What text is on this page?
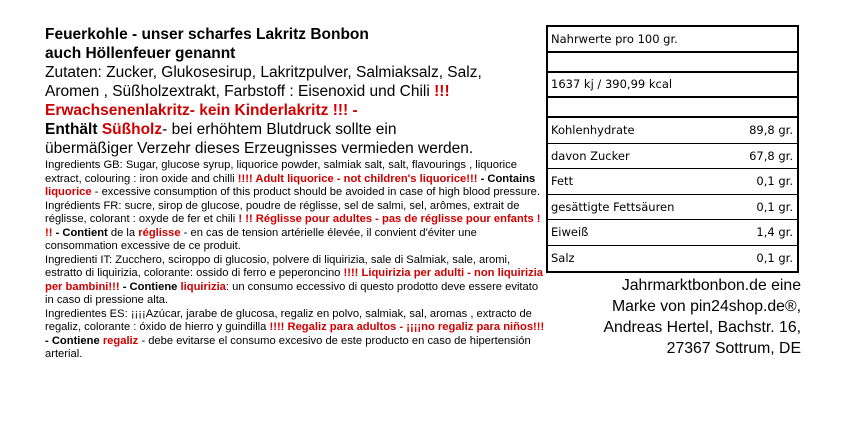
Feuerkohle - unser scharfes Lakritz Bonbon
auch Höllenfeuer genannt
Zutaten: Zucker, Glukosesirup, Lakritzpulver, Salmiaksalz, Salz,
Aromen , Süßholzextrakt, Farbstoff : Eisenoxid und Chili !!!
Erwachsenenlakritz- kein Kinderlakritz !!! -
Enthält Süßholz- bei erhöhtem Blutdruck sollte ein
übermäßiger Verzehr dieses Erzeugnisses vermieden werden.

Ingredients GB: Sugar, glucose syrup, liquorice powder, salmiak salt, salt, flavourings , liquorice extract, colouring : iron oxide and chilli !!!! Adult liquorice - not children's liquorice!!! - Contains liquorice - excessive consumption of this product should be avoided in case of high blood pressure.

Ingrédients FR: sucre, sirop de glucose, poudre de réglisse, sel de salmi, sel, arômes, extrait de réglisse, colorant : oxyde de fer et chili ! !! Réglisse pour adultes - pas de réglisse pour enfants ! !! - Contient de la réglisse - en cas de tension artérielle élevée, il convient d'éviter une consommation excessive de ce produit.

Ingredienti IT: Zucchero, sciroppo di glucosio, polvere di liquirizia, sale di Salmiak, sale, aromi, estratto di liquirizia, colorante: ossido di ferro e peperoncino !!!! Liquirizia per adulti - non liquirizia per bambini!!! - Contiene liquirizia: un consumo eccessivo di questo prodotto deve essere evitato in caso di pressione alta.

Ingredientes ES: ¡¡¡¡Azúcar, jarabe de glucosa, regaliz en polvo, salmiak, sal, aromas , extracto de regaliz, colorante : óxido de hierro y guindilla !!!! Regaliz para adultos - ¡¡¡¡no regaliz para niños!!! - Contiene regaliz - debe evitarse el consumo excesivo de este producto en caso de hipertensión arterial.

Nahrwerte pro 100 gr.
1637 kj / 390,99 kcal
Kohlenhydrate	89,8 gr.
davon Zucker	67,8 gr.
Fett	0,1 gr.
gesättigte Fettsäuren	0,1 gr.
Eiweiß	1,4 gr.
Salz	0,1 gr.
Jahrmarktbonbon.de eine
Marke von pin24shop.de®,
Andreas Hertel, Bachstr. 16,
27367 Sottrum, DE
